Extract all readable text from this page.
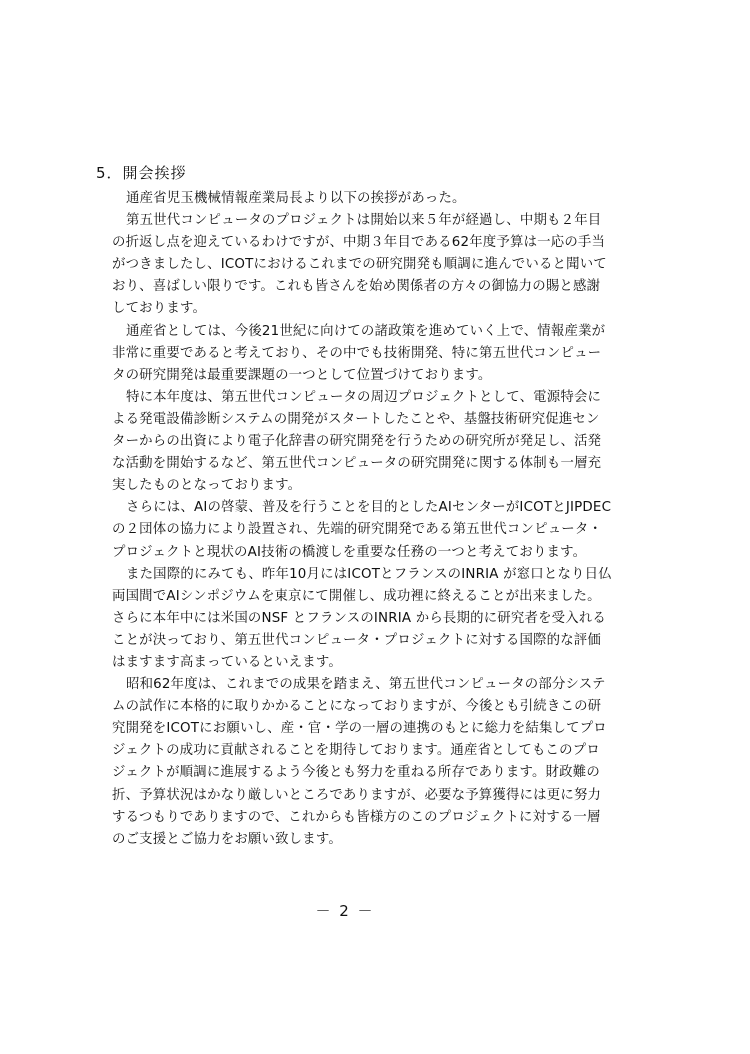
5．開会挨拶
通産省児玉機械情報産業局長より以下の挨拶があった。
第五世代コンピュータのプロジェクトは開始以来５年が経過し、中期も２年目
の折返し点を迎えているわけですが、中期３年目である62年度予算は一応の手当
がつきましたし、ICOTにおけるこれまでの研究開発も順調に進んでいると聞いて
おり、喜ばしい限りです。これも皆さんを始め関係者の方々の御協力の賜と感謝
しております。
通産省としては、今後21世紀に向けての諸政策を進めていく上で、情報産業が
非常に重要であると考えており、その中でも技術開発、特に第五世代コンピュー
タの研究開発は最重要課題の一つとして位置づけております。
特に本年度は、第五世代コンピュータの周辺プロジェクトとして、電源特会に
よる発電設備診断システムの開発がスタートしたことや、基盤技術研究促進セン
ターからの出資により電子化辞書の研究開発を行うための研究所が発足し、活発
な活動を開始するなど、第五世代コンピュータの研究開発に関する体制も一層充
実したものとなっております。
さらには、AIの啓蒙、普及を行うことを目的としたAIセンターがICOTとJIPDEC
の２団体の協力により設置され、先端的研究開発である第五世代コンピュータ・
プロジェクトと現状のAI技術の橋渡しを重要な任務の一つと考えております。
また国際的にみても、昨年10月にはICOTとフランスのINRIA が窓口となり日仏
両国間でAIシンポジウムを東京にて開催し、成功裡に終えることが出来ました。
さらに本年中には米国のNSF とフランスのINRIA から長期的に研究者を受入れる
ことが決っており、第五世代コンピュータ・プロジェクトに対する国際的な評価
はますます高まっているといえます。
昭和62年度は、これまでの成果を踏まえ、第五世代コンピュータの部分システ
ムの試作に本格的に取りかかることになっておりますが、今後とも引続きこの研
究開発をICOTにお願いし、産・官・学の一層の連携のもとに総力を結集してプロ
ジェクトの成功に貢献されることを期待しております。通産省としてもこのプロ
ジェクトが順調に進展するよう今後とも努力を重ねる所存であります。財政難の
折、予算状況はかなり厳しいところでありますが、必要な予算獲得には更に努力
するつもりでありますので、これからも皆様方のこのプロジェクトに対する一層
のご支援とご協力をお願い致します。
－ 2 －
